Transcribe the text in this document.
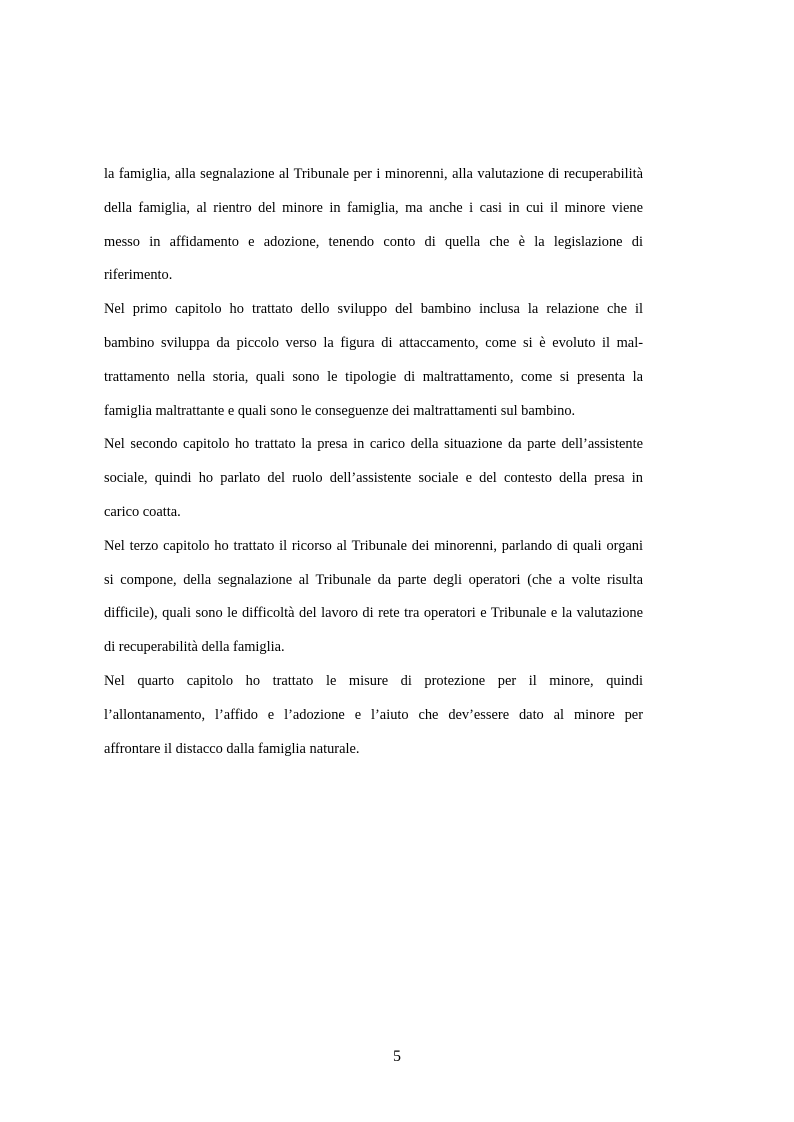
la famiglia, alla segnalazione al Tribunale per i minorenni, alla valutazione di recuperabilità
della famiglia, al rientro del minore in famiglia, ma anche i casi in cui il minore viene
messo in affidamento e adozione, tenendo conto di quella che è la legislazione di
riferimento.
Nel primo capitolo ho trattato dello sviluppo del bambino inclusa la relazione che il
bambino sviluppa da piccolo verso la figura di attaccamento, come si è evoluto il mal-
trattamento nella storia, quali sono le tipologie di maltrattamento, come si presenta la
famiglia maltrattante e quali sono le conseguenze dei maltrattamenti sul bambino.
Nel secondo capitolo ho trattato la presa in carico della situazione da parte dell’assistente
sociale, quindi ho parlato del ruolo dell’assistente sociale e del contesto della presa in
carico coatta.
Nel terzo capitolo ho trattato il ricorso al Tribunale dei minorenni, parlando di quali organi
si compone, della segnalazione al Tribunale da parte degli operatori (che a volte risulta
difficile), quali sono le difficoltà del lavoro di rete tra operatori e Tribunale e la valutazione
di recuperabilità della famiglia.
Nel quarto capitolo ho trattato le misure di protezione per il minore, quindi
l’allontanamento, l’affido e l’adozione e l’aiuto che dev’essere dato al minore per
affrontare il distacco dalla famiglia naturale.
5
